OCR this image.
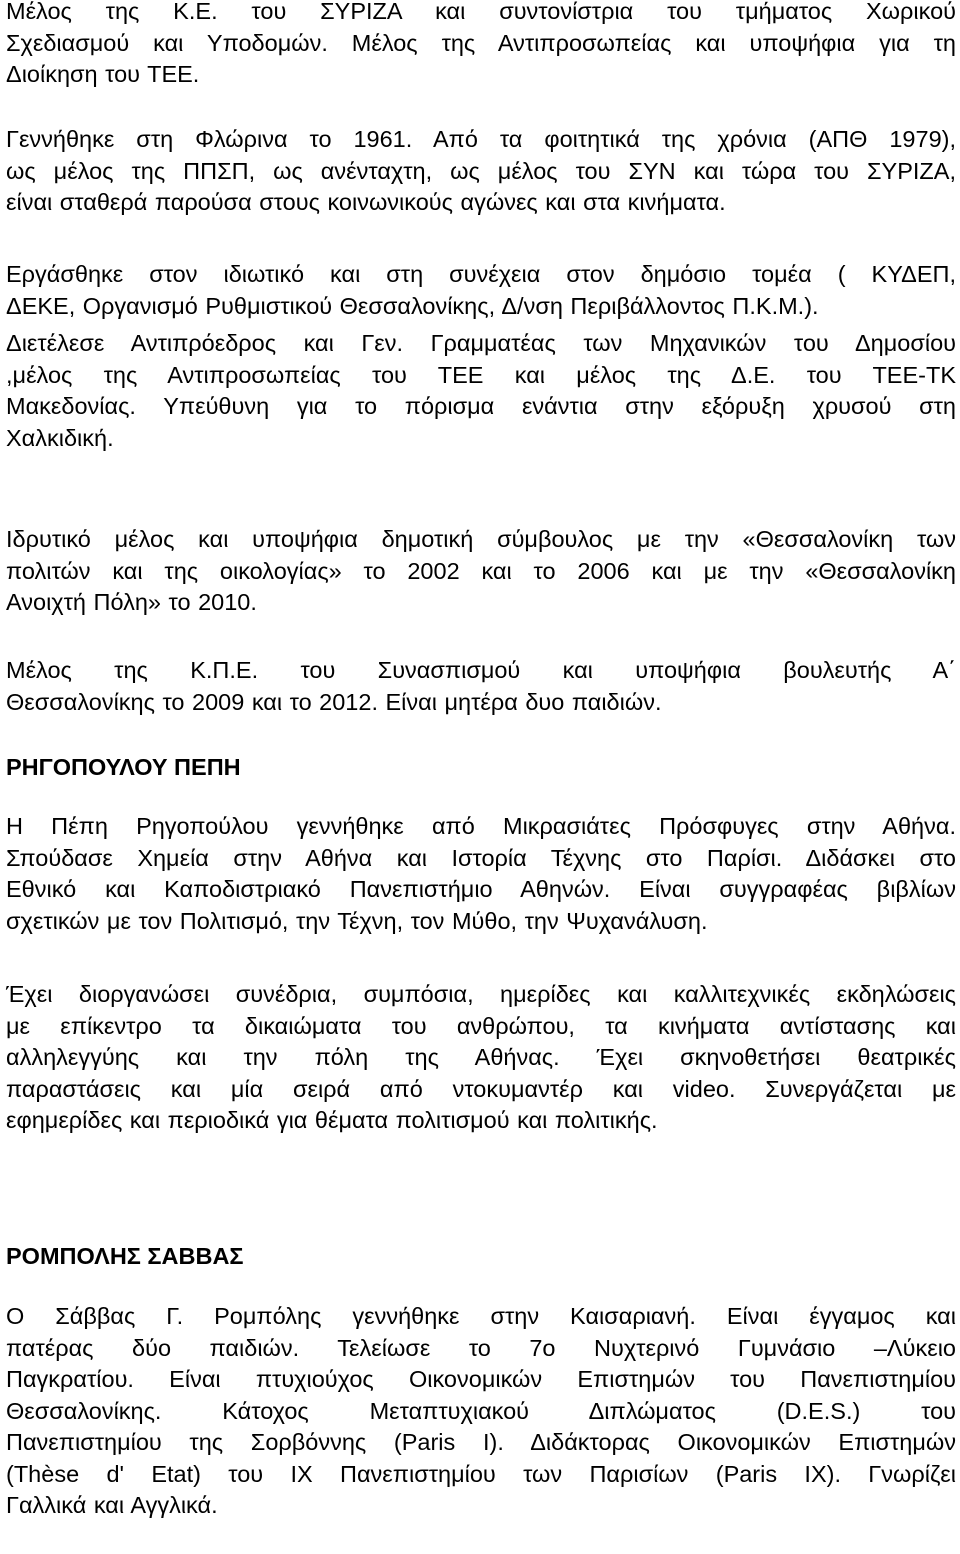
Μέλος της Κ.Ε. του ΣΥΡΙΖΑ και συντονίστρια του τμήματος Χωρικού
Σχεδιασμού και Υποδομών. Μέλος της Αντιπροσωπείας και υποψήφια για τη
Διοίκηση του ΤΕΕ.

Γεννήθηκε στη Φλώρινα το 1961. Από τα φοιτητικά της χρόνια (ΑΠΘ 1979),
ως μέλος της ΠΠΣΠ, ως ανένταχτη, ως μέλος του ΣΥΝ και τώρα του ΣΥΡΙΖΑ,
είναι σταθερά παρούσα στους κοινωνικούς αγώνες και στα κινήματα.

Εργάσθηκε στον ιδιωτικό και στη συνέχεια στον δημόσιο τομέα ( ΚΥΔΕΠ,
ΔΕΚΕ, Οργανισμό Ρυθμιστικού Θεσσαλονίκης, Δ/νση Περιβάλλοντος Π.Κ.Μ.).

Διετέλεσε Αντιπρόεδρος και Γεν. Γραμματέας των Μηχανικών του Δημοσίου
,μέλος της Αντιπροσωπείας του ΤΕΕ και μέλος της Δ.Ε. του ΤΕΕ-ΤΚ
Μακεδονίας. Υπεύθυνη για το πόρισμα ενάντια στην εξόρυξη χρυσού στη
Χαλκιδική.

Ιδρυτικό μέλος και υποψήφια δημοτική σύμβουλος με την «Θεσσαλονίκη των
πολιτών και της οικολογίας» το 2002 και το 2006 και με την «Θεσσαλονίκη
Ανοιχτή Πόλη» το 2010.

Μέλος της Κ.Π.Ε. του Συνασπισμού και υποψήφια βουλευτής Α΄
Θεσσαλονίκης το 2009 και το 2012. Είναι μητέρα δυο παιδιών.

ΡΗΓΟΠΟΥΛΟΥ ΠΕΠΗ

Η Πέπη Ρηγοπούλου γεννήθηκε από Μικρασιάτες Πρόσφυγες στην Αθήνα.
Σπούδασε Χημεία στην Αθήνα και Ιστορία Τέχνης στο Παρίσι. Διδάσκει στο
Εθνικό και Καποδιστριακό Πανεπιστήμιο Αθηνών. Είναι συγγραφέας βιβλίων
σχετικών με τον Πολιτισμό, την Τέχνη, τον Μύθο, την Ψυχανάλυση.

Έχει διοργανώσει συνέδρια, συμπόσια, ημερίδες και καλλιτεχνικές εκδηλώσεις
με επίκεντρο τα δικαιώματα του ανθρώπου, τα κινήματα αντίστασης και
αλληλεγγύης και την πόλη της Αθήνας. Έχει σκηνοθετήσει θεατρικές
παραστάσεις και μία σειρά από ντοκυμαντέρ και video. Συνεργάζεται με
εφημερίδες και περιοδικά για θέματα πολιτισμού και πολιτικής.

ΡΟΜΠΟΛΗΣ ΣΑΒΒΑΣ

Ο Σάββας Γ. Ρομπόλης γεννήθηκε στην Καισαριανή. Είναι έγγαμος και
πατέρας δύο παιδιών. Τελείωσε το 7ο Νυχτερινό Γυμνάσιο –Λύκειο
Παγκρατίου. Είναι πτυχιούχος Οικονομικών Επιστημών του Πανεπιστημίου
Θεσσαλονίκης. Κάτοχος Μεταπτυχιακού Διπλώματος (D.E.S.) του
Πανεπιστημίου της Σορβόννης (Paris I). Διδάκτορας Οικονομικών Επιστημών
(Thèse d' Etat) του ΙΧ Πανεπιστημίου των Παρισίων (Paris IX). Γνωρίζει
Γαλλικά και Αγγλικά.
